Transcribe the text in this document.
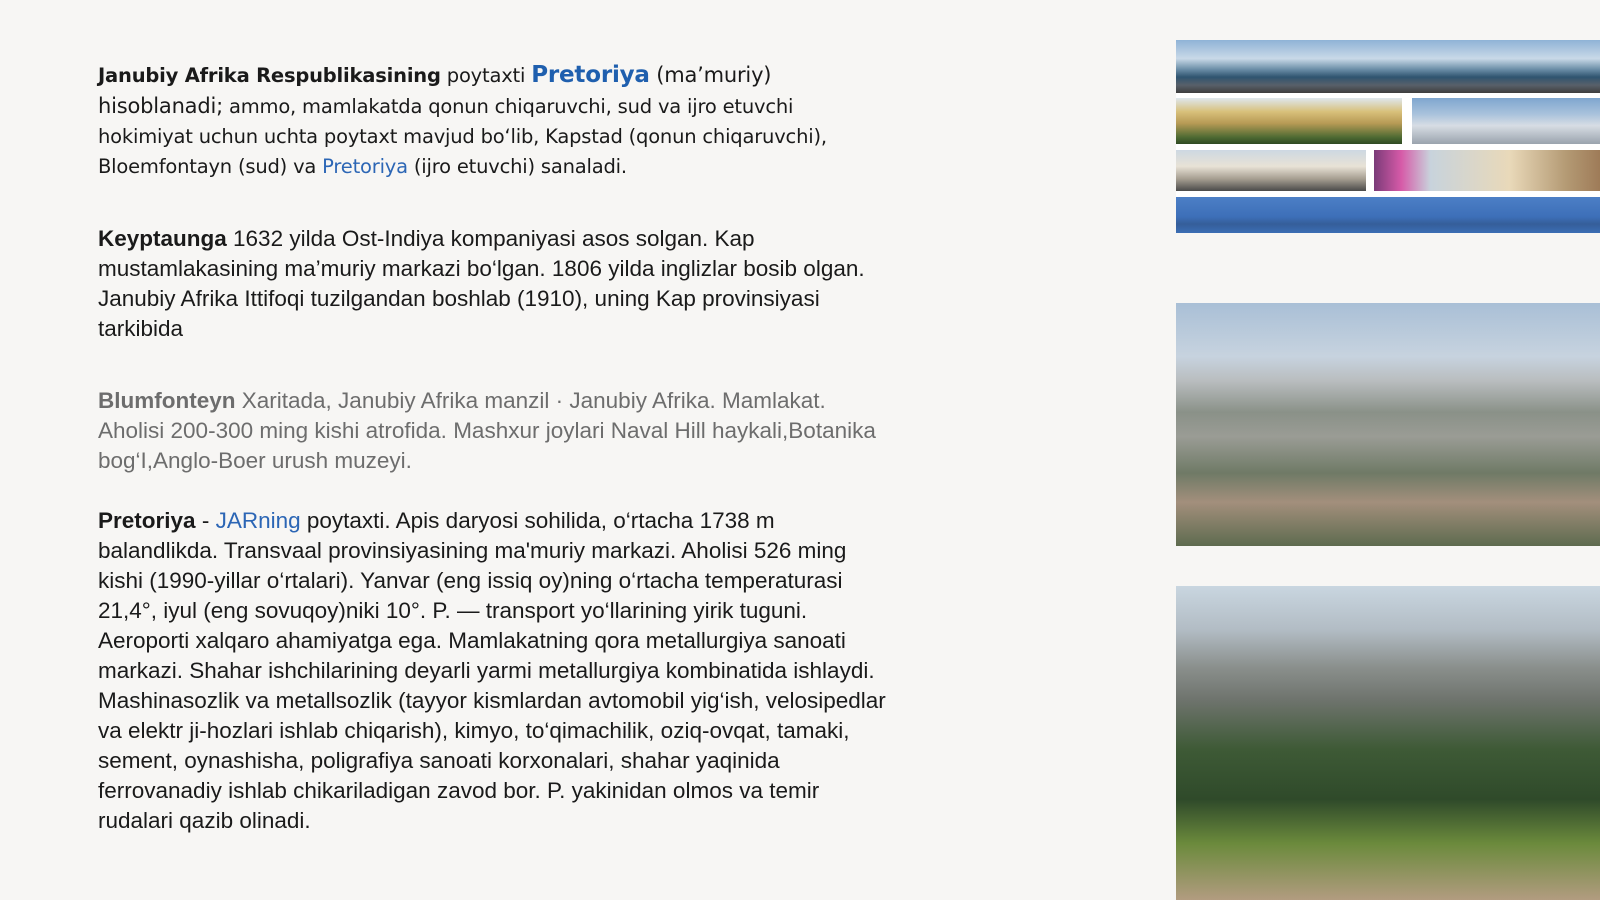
Janubiy Afrika Respublikasining poytaxti Pretoriya (ma’muriy)
hisoblanadi; ammo, mamlakatda qonun chiqaruvchi, sud va ijro etuvchi hokimiyat uchun uchta poytaxt mavjud bo‘lib, Kapstad (qonun chiqaruvchi), Bloemfontayn (sud) va Pretoriya (ijro etuvchi) sanaladi.
Keyptaunga 1632 yilda Ost-Indiya kompaniyasi asos solgan. Kap mustamlakasining ma’muriy markazi bo‘lgan. 1806 yilda inglizlar bosib olgan. Janubiy Afrika Ittifoqi tuzilgandan boshlab (1910), uning Kap provinsiyasi tarkibida
Blumfonteyn Xaritada, Janubiy Afrika manzil · Janubiy Afrika. Mamlakat. Aholisi 200-300 ming kishi atrofida. Mashxur joylari Naval Hill haykali,Botanika bog‘I,Anglo-Boer urush muzeyi.
Pretoriya - JARning poytaxti. Apis daryosi sohilida, o‘rtacha 1738 m balandlikda. Transvaal provinsiyasining ma'muriy markazi. Aholisi 526 ming kishi (1990-yillar o‘rtalari). Yanvar (eng issiq oy)ning o‘rtacha temperaturasi 21,4°, iyul (eng sovuqoy)niki 10°. P. — transport yo‘llarining yirik tuguni. Aeroporti xalqaro ahamiyatga ega. Mamlakatning qora metallurgiya sanoati markazi. Shahar ishchilarining deyarli yarmi metallurgiya kombinatida ishlaydi. Mashinasozlik va metallsozlik (tayyor kismlardan avtomobil yig‘ish, velosipedlar va elektr ji-hozlari ishlab chiqarish), kimyo, to‘qimachilik, oziq-ovqat, tamaki, sement, oynashisha, poligrafiya sanoati korxonalari, shahar yaqinida ferrovanadiy ishlab chikariladigan zavod bor. P. yakinidan olmos va temir rudalari qazib olinadi.
